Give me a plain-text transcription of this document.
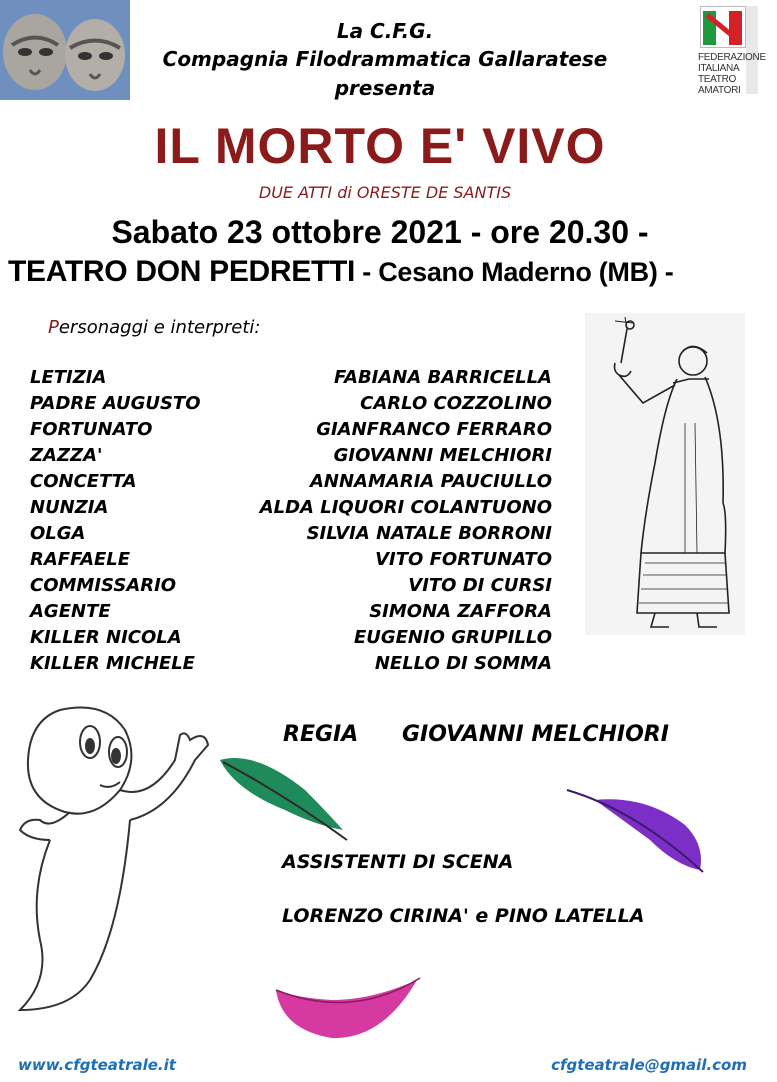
FEDERAZIONE
ITALIANA
TEATRO
AMATORI
La C.F.G.
Compagnia Filodrammatica Gallaratese
presenta
IL MORTO E' VIVO
DUE ATTI di ORESTE DE SANTIS
Sabato 23 ottobre 2021 - ore 20.30 -
TEATRO DON PEDRETTI - Cesano Maderno (MB) -
Personaggi e interpreti:
LETIZIA	FABIANA BARRICELLA
PADRE AUGUSTO	CARLO COZZOLINO
FORTUNATO	GIANFRANCO FERRARO
ZAZZA'	GIOVANNI MELCHIORI
CONCETTA	ANNAMARIA PAUCIULLO
NUNZIA	ALDA LIQUORI COLANTUONO
OLGA	SILVIA NATALE BORRONI
RAFFAELE	VITO FORTUNATO
COMMISSARIO	VITO DI CURSI
AGENTE	SIMONA ZAFFORA
KILLER NICOLA	EUGENIO GRUPILLO
KILLER MICHELE	NELLO DI SOMMA
REGIA GIOVANNI MELCHIORI
ASSISTENTI DI SCENA
LORENZO CIRINA' e PINO LATELLA
www.cfgteatrale.it	cfgteatrale@gmail.com
